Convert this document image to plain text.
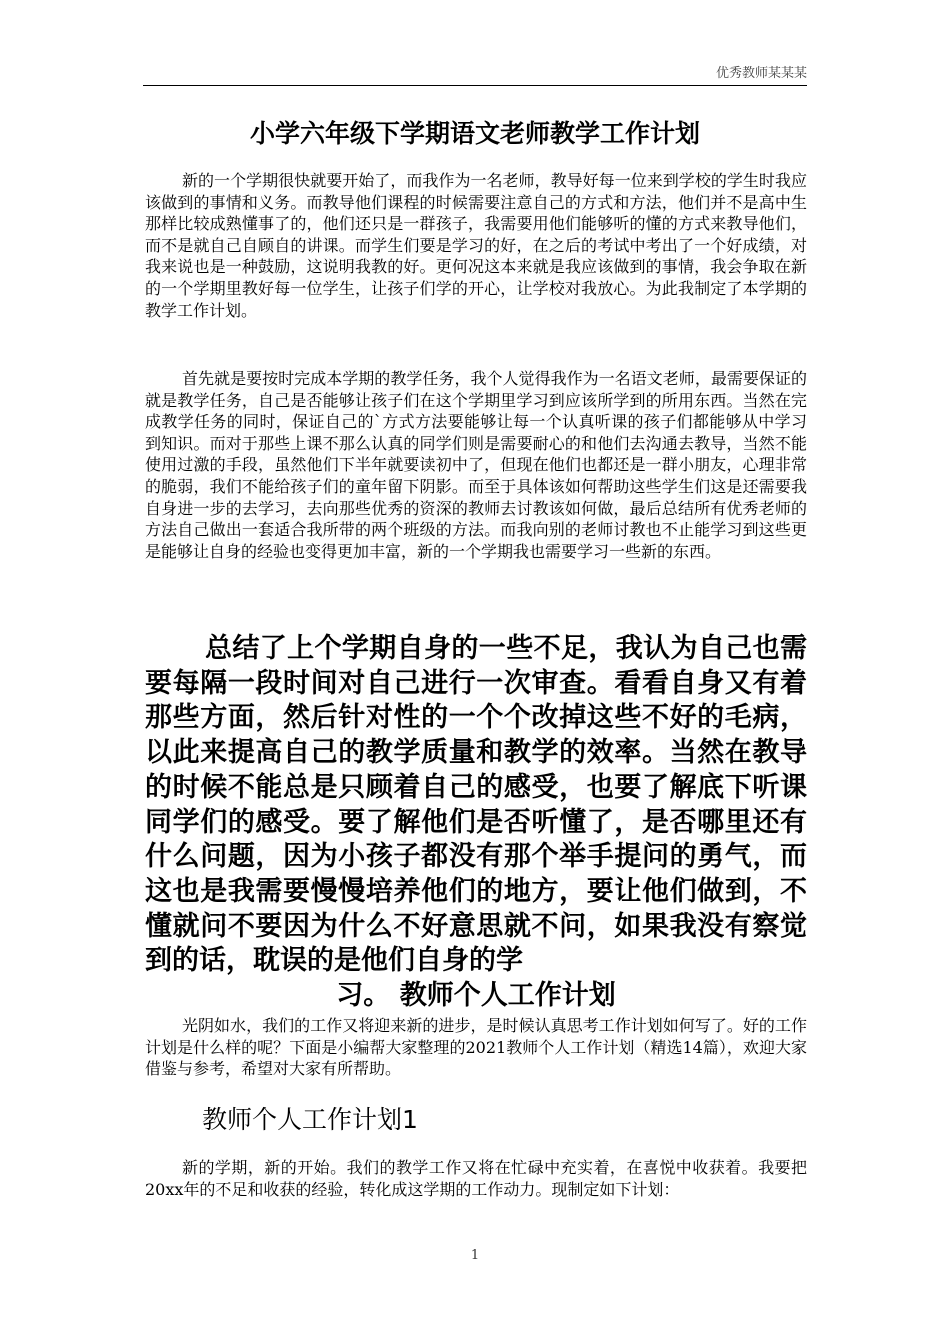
优秀教师某某某
小学六年级下学期语文老师教学工作计划

新的一个学期很快就要开始了，而我作为一名老师，教导好每一位来到学校的学生时我应该做到的事情和义务。而教导他们课程的时候需要注意自己的方式和方法，他们并不是高中生那样比较成熟懂事了的，他们还只是一群孩子，我需要用他们能够听的懂的方式来教导他们，而不是就自己自顾自的讲课。而学生们要是学习的好，在之后的考试中考出了一个好成绩，对我来说也是一种鼓励，这说明我教的好。更何况这本来就是我应该做到的事情，我会争取在新的一个学期里教好每一位学生，让孩子们学的开心，让学校对我放心。为此我制定了本学期的教学工作计划。

首先就是要按时完成本学期的教学任务，我个人觉得我作为一名语文老师，最需要保证的就是教学任务，自己是否能够让孩子们在这个学期里学习到应该所学到的所用东西。当然在完成教学任务的同时，保证自己的`方式方法要能够让每一个认真听课的孩子们都能够从中学习到知识。而对于那些上课不那么认真的同学们则是需要耐心的和他们去沟通去教导，当然不能使用过激的手段，虽然他们下半年就要读初中了，但现在他们也都还是一群小朋友，心理非常的脆弱，我们不能给孩子们的童年留下阴影。而至于具体该如何帮助这些学生们这是还需要我自身进一步的去学习，去向那些优秀的资深的教师去讨教该如何做，最后总结所有优秀老师的方法自己做出一套适合我所带的两个班级的方法。而我向别的老师讨教也不止能学习到这些更是能够让自身的经验也变得更加丰富，新的一个学期我也需要学习一些新的东西。

总结了上个学期自身的一些不足，我认为自己也需要每隔一段时间对自己进行一次审查。看看自身又有着那些方面，然后针对性的一个个改掉这些不好的毛病，以此来提高自己的教学质量和教学的效率。当然在教导的时候不能总是只顾着自己的感受，也要了解底下听课同学们的感受。要了解他们是否听懂了，是否哪里还有什么问题，因为小孩子都没有那个举手提问的勇气，而这也是我需要慢慢培养他们的地方，要让他们做到，不懂就问不要因为什么不好意思就不问，如果我没有察觉到的话，耽误的是他们自身的学
习。 教师个人工作计划

光阴如水，我们的工作又将迎来新的进步，是时候认真思考工作计划如何写了。好的工作计划是什么样的呢？下面是小编帮大家整理的2021教师个人工作计划（精选14篇），欢迎大家借鉴与参考，希望对大家有所帮助。

教师个人工作计划1

新的学期，新的开始。我们的教学工作又将在忙碌中充实着，在喜悦中收获着。我要把20xx年的不足和收获的经验，转化成这学期的工作动力。现制定如下计划：

1
